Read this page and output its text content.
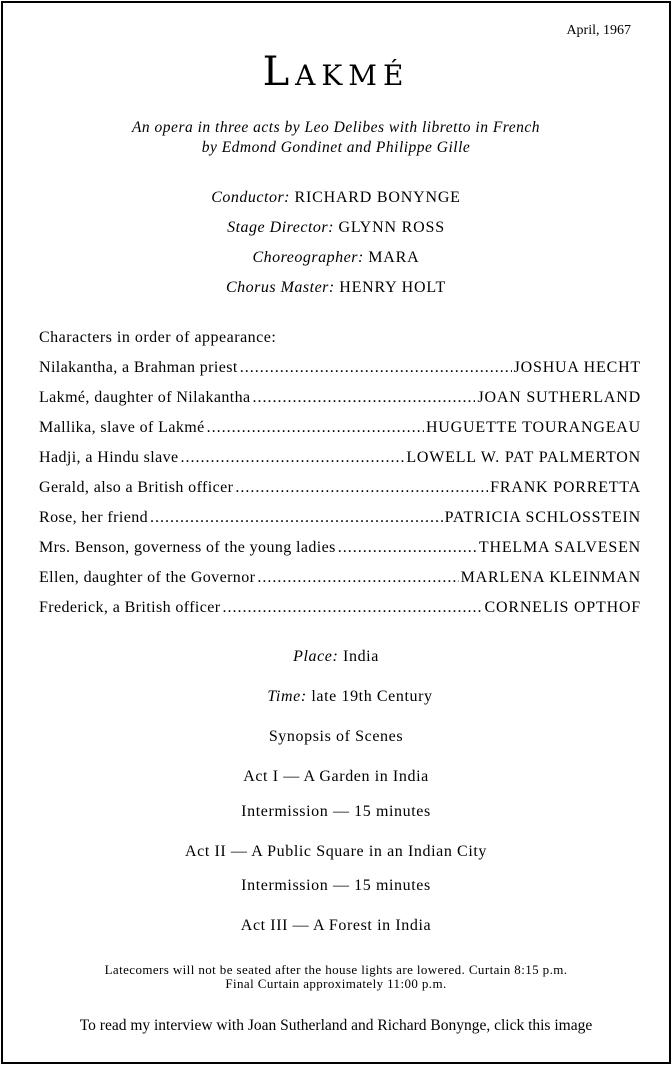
April, 1967
Lakmé
An opera in three acts by Leo Delibes with libretto in French
by Edmond Gondinet and Philippe Gille
Conductor: RICHARD BONYNGE
Stage Director: GLYNN ROSS
Choreographer: MARA
Chorus Master: HENRY HOLT
Characters in order of appearance:
Nilakantha, a Brahman priest .....	JOSHUA HECHT
Lakmé, daughter of Nilakantha .....	JOAN SUTHERLAND
Mallika, slave of Lakmé .....	HUGUETTE TOURANGEAU
Hadji, a Hindu slave .....	LOWELL W. PAT PALMERTON
Gerald, also a British officer .....	FRANK PORRETTA
Rose, her friend .....	PATRICIA SCHLOSSTEIN
Mrs. Benson, governess of the young ladies .....	THELMA SALVESEN
Ellen, daughter of the Governor .....	MARLENA KLEINMAN
Frederick, a British officer .....	CORNELIS OPTHOF
Place: India
Time: late 19th Century
Synopsis of Scenes
Act I — A Garden in India
Intermission — 15 minutes
Act II — A Public Square in an Indian City
Intermission — 15 minutes
Act III — A Forest in India
Latecomers will not be seated after the house lights are lowered. Curtain 8:15 p.m.
Final Curtain approximately 11:00 p.m.
To read my interview with Joan Sutherland and Richard Bonynge, click this image
